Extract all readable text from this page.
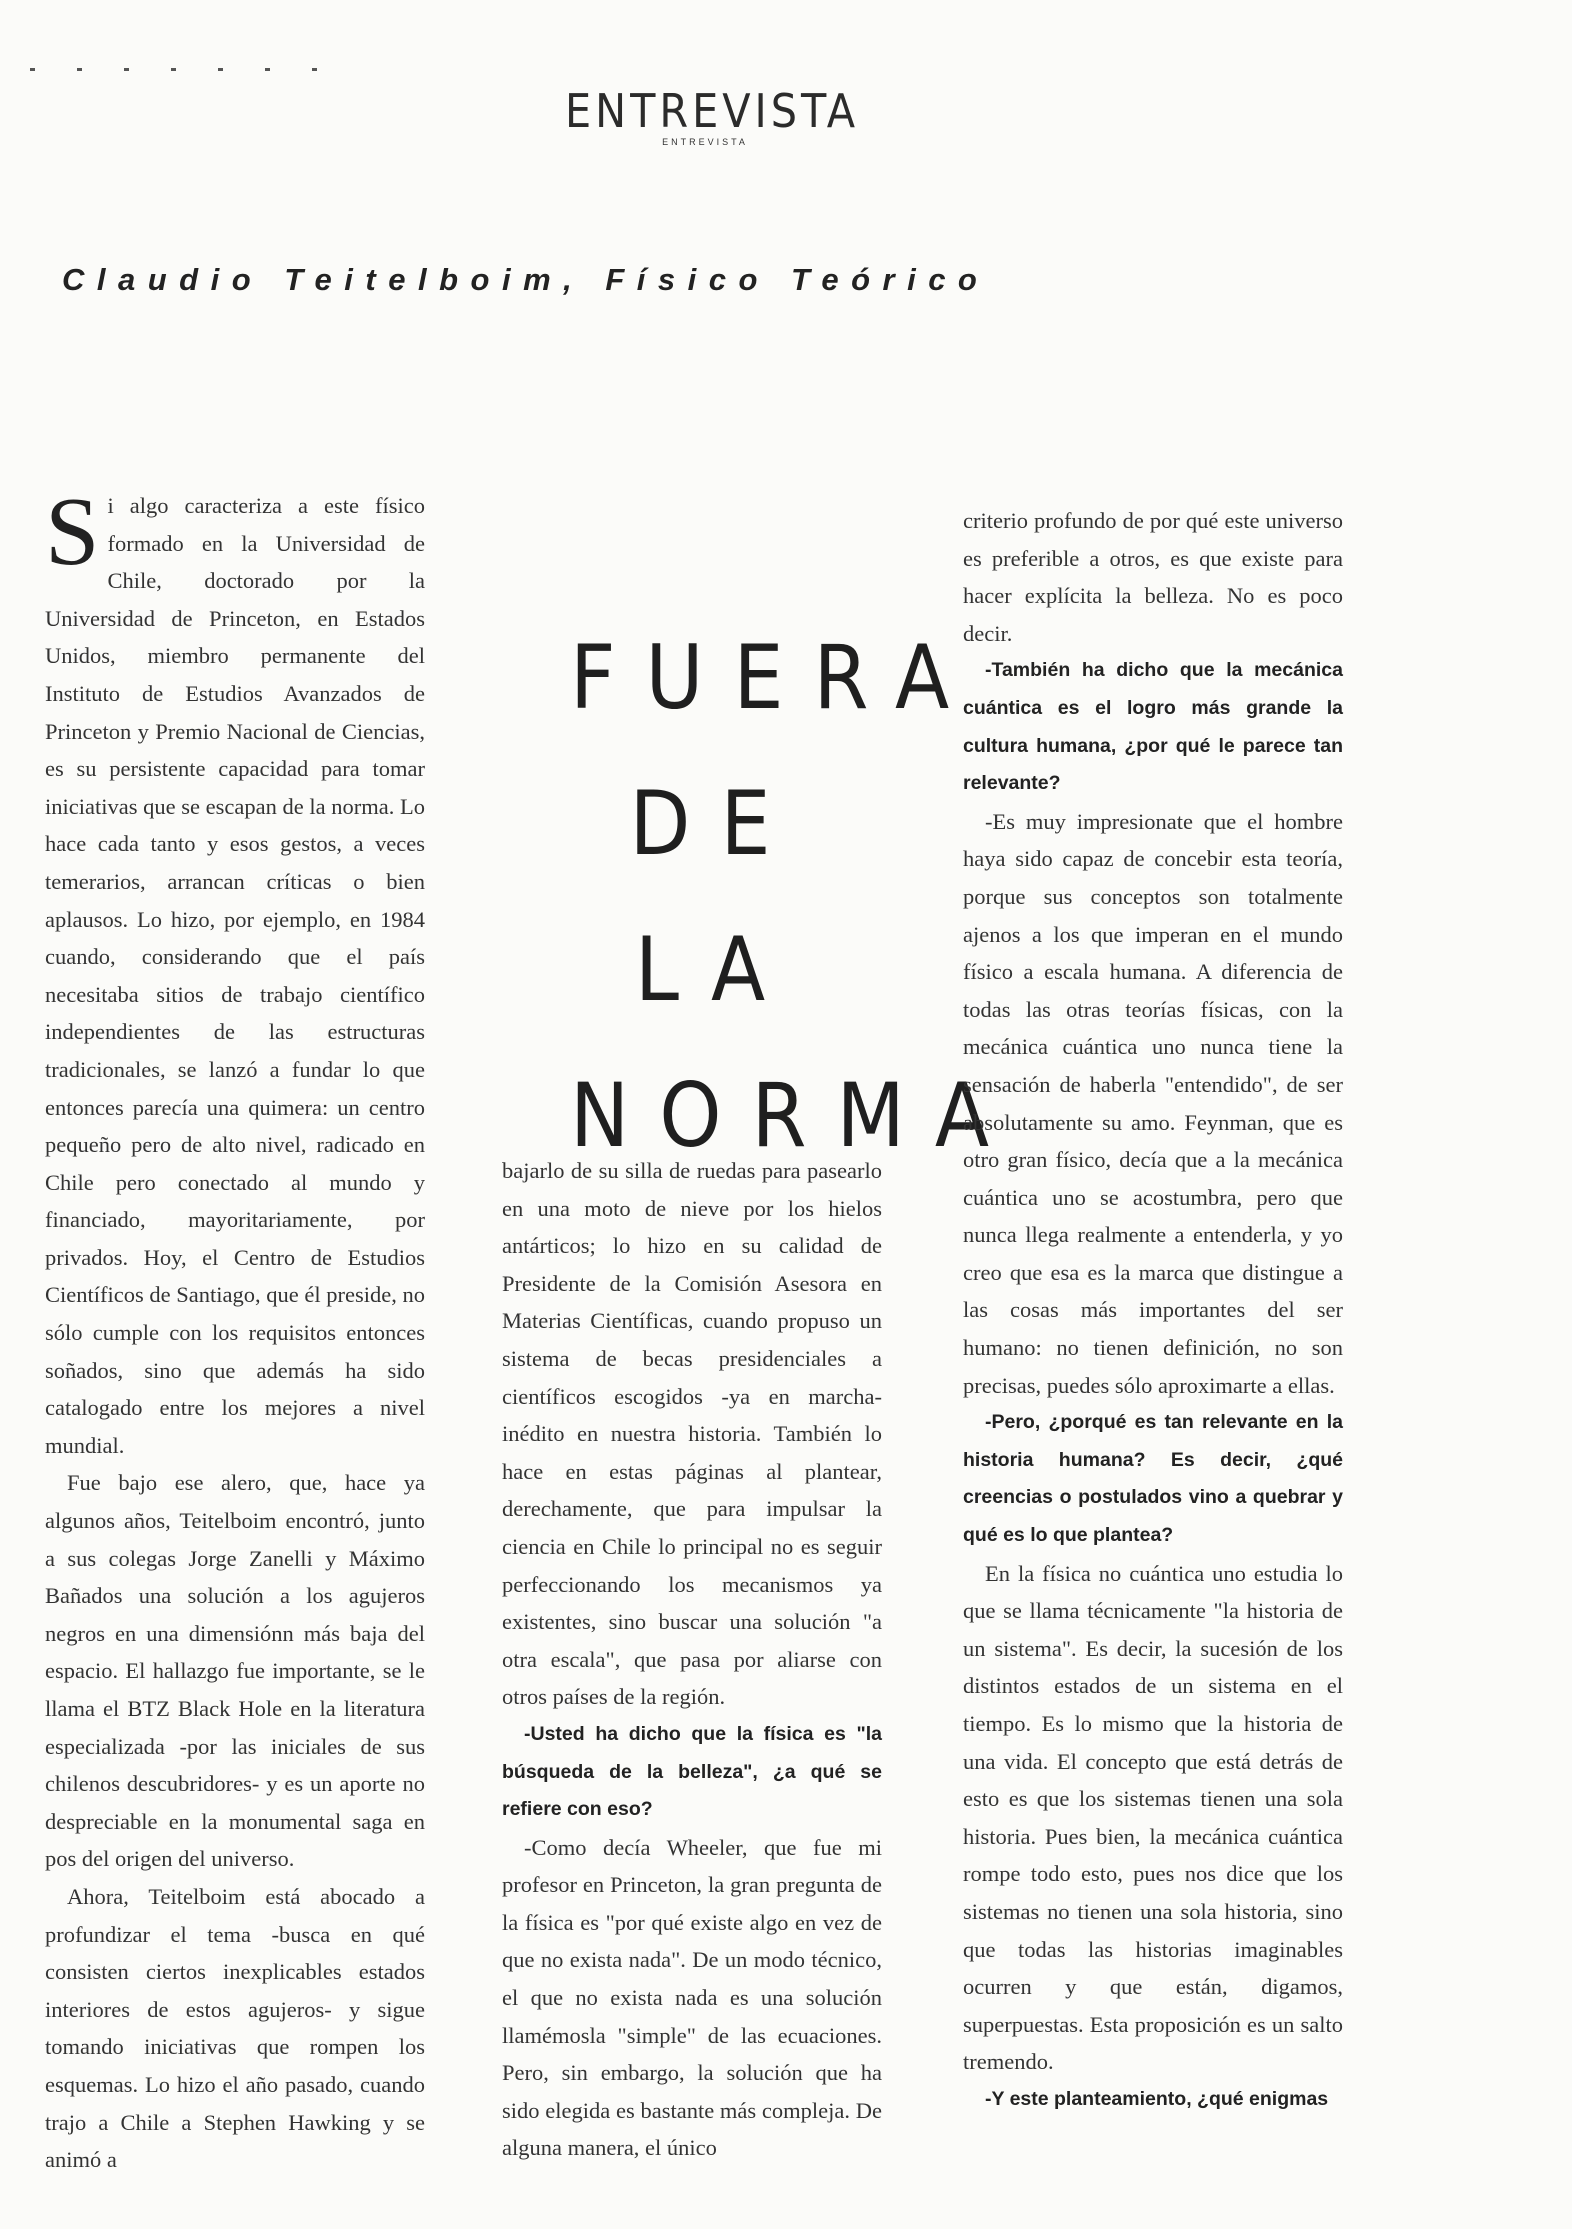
ENTREVISTA
ENTREVISTA
Claudio Teitelboim, Físico Teórico
FUERA
DE LA
NORMA

Si algo caracteriza a este físico formado en la Universidad de Chile, doctorado por la Universidad de Princeton, en Estados Unidos, miembro permanente del Instituto de Estudios Avanzados de Princeton y Premio Nacional de Ciencias, es su persistente capacidad para tomar iniciativas que se escapan de la norma. Lo hace cada tanto y esos gestos, a veces temerarios, arrancan críticas o bien aplausos. Lo hizo, por ejemplo, en 1984 cuando, considerando que el país necesitaba sitios de trabajo científico independientes de las estructuras tradicionales, se lanzó a fundar lo que entonces parecía una quimera: un centro pequeño pero de alto nivel, radicado en Chile pero conectado al mundo y financiado, mayoritariamente, por privados. Hoy, el Centro de Estudios Científicos de Santiago, que él preside, no sólo cumple con los requisitos entonces soñados, sino que además ha sido catalogado entre los mejores a nivel mundial.

Fue bajo ese alero, que, hace ya algunos años, Teitelboim encontró, junto a sus colegas Jorge Zanelli y Máximo Bañados una solución a los agujeros negros en una dimensiónn más baja del espacio. El hallazgo fue importante, se le llama el BTZ Black Hole en la literatura especializada -por las iniciales de sus chilenos descubridores- y es un aporte no despreciable en la monumental saga en pos del origen del universo.

Ahora, Teitelboim está abocado a profundizar el tema -busca en qué consisten ciertos inexplicables estados interiores de estos agujeros- y sigue tomando iniciativas que rompen los esquemas. Lo hizo el año pasado, cuando trajo a Chile a Stephen Hawking y se animó a

bajarlo de su silla de ruedas para pasearlo en una moto de nieve por los hielos antárticos; lo hizo en su calidad de Presidente de la Comisión Asesora en Materias Científicas, cuando propuso un sistema de becas presidenciales a científicos escogidos -ya en marcha- inédito en nuestra historia. También lo hace en estas páginas al plantear, derechamente, que para impulsar la ciencia en Chile lo principal no es seguir perfeccionando los mecanismos ya existentes, sino buscar una solución "a otra escala", que pasa por aliarse con otros países de la región.

-Usted ha dicho que la física es "la búsqueda de la belleza", ¿a qué se refiere con eso?

-Como decía Wheeler, que fue mi profesor en Princeton, la gran pregunta de la física es "por qué existe algo en vez de que no exista nada". De un modo técnico, el que no exista nada es una solución llamémosla "simple" de las ecuaciones. Pero, sin embargo, la solución que ha sido elegida es bastante más compleja. De alguna manera, el único

criterio profundo de por qué este universo es preferible a otros, es que existe para hacer explícita la belleza. No es poco decir.

-También ha dicho que la mecánica cuántica es el logro más grande la cultura humana, ¿por qué le parece tan relevante?

-Es muy impresionate que el hombre haya sido capaz de concebir esta teoría, porque sus conceptos son totalmente ajenos a los que imperan en el mundo físico a escala humana. A diferencia de todas las otras teorías físicas, con la mecánica cuántica uno nunca tiene la sensación de haberla "entendido", de ser absolutamente su amo. Feynman, que es otro gran físico, decía que a la mecánica cuántica uno se acostumbra, pero que nunca llega realmente a entenderla, y yo creo que esa es la marca que distingue a las cosas más importantes del ser humano: no tienen definición, no son precisas, puedes sólo aproximarte a ellas.

-Pero, ¿porqué es tan relevante en la historia humana? Es decir, ¿qué creencias o postulados vino a quebrar y qué es lo que plantea?

En la física no cuántica uno estudia lo que se llama técnicamente "la historia de un sistema". Es decir, la sucesión de los distintos estados de un sistema en el tiempo. Es lo mismo que la historia de una vida. El concepto que está detrás de esto es que los sistemas tienen una sola historia. Pues bien, la mecánica cuántica rompe todo esto, pues nos dice que los sistemas no tienen una sola historia, sino que todas las historias imaginables ocurren y que están, digamos, superpuestas. Esta proposición es un salto tremendo.

-Y este planteamiento, ¿qué enigmas
